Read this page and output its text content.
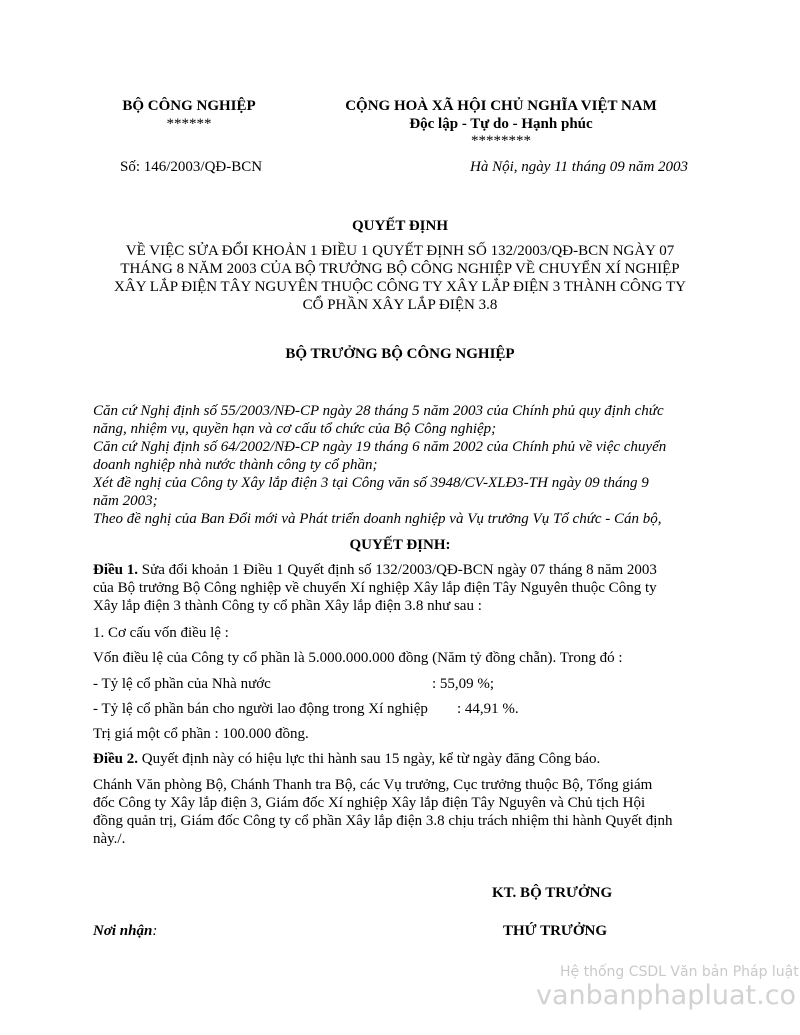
BỘ CÔNG NGHIỆP
******
CỘNG HOÀ XÃ HỘI CHỦ NGHĨA VIỆT NAM
Độc lập - Tự do - Hạnh phúc
********
Số: 146/2003/QĐ-BCN	Hà Nội, ngày 11 tháng 09 năm 2003
QUYẾT ĐỊNH
VỀ VIỆC SỬA ĐỔI KHOẢN 1 ĐIỀU 1 QUYẾT ĐỊNH SỐ 132/2003/QĐ-BCN NGÀY 07
THÁNG 8 NĂM 2003 CỦA BỘ TRƯỞNG BỘ CÔNG NGHIỆP VỀ CHUYỂN XÍ NGHIỆP
XÂY LẮP ĐIỆN TÂY NGUYÊN THUỘC CÔNG TY XÂY LẮP ĐIỆN 3 THÀNH CÔNG TY
CỔ PHẦN XÂY LẮP ĐIỆN 3.8
BỘ TRƯỞNG BỘ CÔNG NGHIỆP
Căn cứ Nghị định số 55/2003/NĐ-CP ngày 28 tháng 5 năm 2003 của Chính phủ quy định chức
năng, nhiệm vụ, quyền hạn và cơ cấu tổ chức của Bộ Công nghiệp;
Căn cứ Nghị định số 64/2002/NĐ-CP ngày 19 tháng 6 năm 2002 của Chính phủ về việc chuyển
doanh nghiệp nhà nước thành công ty cổ phần;
Xét đề nghị của Công ty Xây lắp điện 3 tại Công văn số 3948/CV-XLĐ3-TH ngày 09 tháng 9
năm 2003;
Theo đề nghị của Ban Đổi mới và Phát triển doanh nghiệp và Vụ trưởng Vụ Tổ chức - Cán bộ,
QUYẾT ĐỊNH:
Điều 1. Sửa đổi khoản 1 Điều 1 Quyết định số 132/2003/QĐ-BCN ngày 07 tháng 8 năm 2003
của Bộ trưởng Bộ Công nghiệp về chuyển Xí nghiệp Xây lắp điện Tây Nguyên thuộc Công ty
Xây lắp điện 3 thành Công ty cổ phần Xây lắp điện 3.8 như sau :
1. Cơ cấu vốn điều lệ :
Vốn điều lệ của Công ty cổ phần là 5.000.000.000 đồng (Năm tỷ đồng chẵn). Trong đó :
- Tỷ lệ cổ phần của Nhà nước	: 55,09 %;
- Tỷ lệ cổ phần bán cho người lao động trong Xí nghiệp : 44,91 %.
Trị giá một cổ phần : 100.000 đồng.
Điều 2. Quyết định này có hiệu lực thi hành sau 15 ngày, kể từ ngày đăng Công báo.
Chánh Văn phòng Bộ, Chánh Thanh tra Bộ, các Vụ trưởng, Cục trưởng thuộc Bộ, Tổng giám
đốc Công ty Xây lắp điện 3, Giám đốc Xí nghiệp Xây lắp điện Tây Nguyên và Chủ tịch Hội
đồng quản trị, Giám đốc Công ty cổ phần Xây lắp điện 3.8 chịu trách nhiệm thi hành Quyết định
này./.
KT. BỘ TRƯỞNG
Nơi nhận:	THỨ TRƯỞNG
Hệ thống CSDL Văn bản Pháp luật
vanbanphapluat.co
